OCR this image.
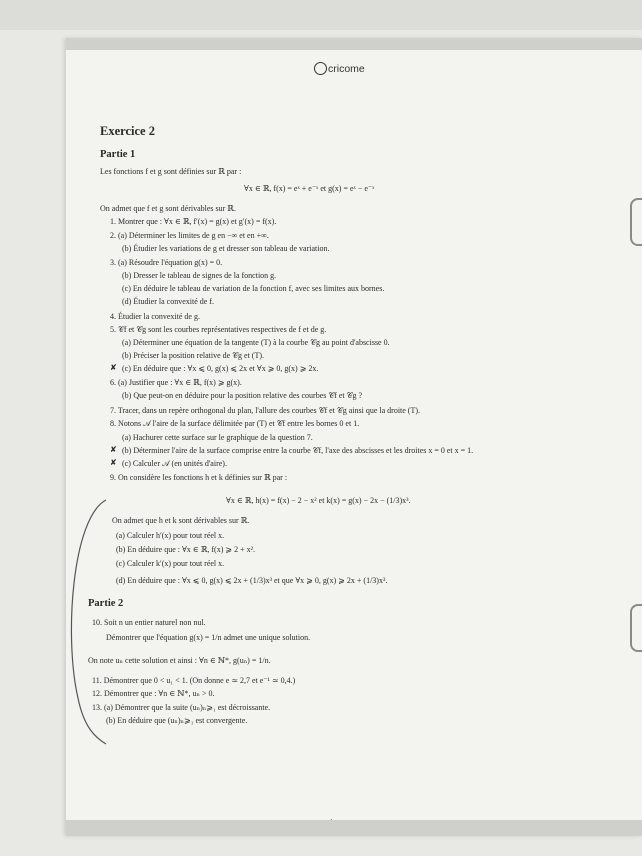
cricome
Exercice 2
Partie 1
Les fonctions f et g sont définies sur ℝ par :
∀x ∈ ℝ, f(x) = eˣ + e⁻ˣ et g(x) = eˣ − e⁻ˣ
On admet que f et g sont dérivables sur ℝ.
1. Montrer que : ∀x ∈ ℝ, f′(x) = g(x) et g′(x) = f(x).
2. (a) Déterminer les limites de g en −∞ et en +∞.
(b) Étudier les variations de g et dresser son tableau de variation.
3. (a) Résoudre l'équation g(x) = 0.
(b) Dresser le tableau de signes de la fonction g.
(c) En déduire le tableau de variation de la fonction f, avec ses limites aux bornes.
(d) Étudier la convexité de f.
4. Étudier la convexité de g.
5. 𝒞f et 𝒞g sont les courbes représentatives respectives de f et de g.
(a) Déterminer une équation de la tangente (T) à la courbe 𝒞g au point d'abscisse 0.
(b) Préciser la position relative de 𝒞g et (T).
✘ (c) En déduire que : ∀x ⩽ 0, g(x) ⩽ 2x et ∀x ⩾ 0, g(x) ⩾ 2x.
6. (a) Justifier que : ∀x ∈ ℝ, f(x) ⩾ g(x).
(b) Que peut-on en déduire pour la position relative des courbes 𝒞f et 𝒞g ?
7. Tracer, dans un repère orthogonal du plan, l'allure des courbes 𝒞f et 𝒞g ainsi que la droite (T).
8. Notons 𝒜 l'aire de la surface délimitée par (T) et 𝒞f entre les bornes 0 et 1.
(a) Hachurer cette surface sur le graphique de la question 7.
✘ (b) Déterminer l'aire de la surface comprise entre la courbe 𝒞f, l'axe des abscisses et les droites x = 0 et x = 1.
✘ (c) Calculer 𝒜 (en unités d'aire).
9. On considère les fonctions h et k définies sur ℝ par :
∀x ∈ ℝ, h(x) = f(x) − 2 − x² et k(x) = g(x) − 2x − (1/3)x³.
On admet que h et k sont dérivables sur ℝ.
(a) Calculer h′(x) pour tout réel x.
(b) En déduire que : ∀x ∈ ℝ, f(x) ⩾ 2 + x².
(c) Calculer k′(x) pour tout réel x.
(d) En déduire que : ∀x ⩽ 0, g(x) ⩽ 2x + (1/3)x³ et que ∀x ⩾ 0, g(x) ⩾ 2x + (1/3)x³.
Partie 2
10. Soit n un entier naturel non nul.
Démontrer que l'équation g(x) = 1/n admet une unique solution.
On note uₙ cette solution et ainsi : ∀n ∈ ℕ*, g(uₙ) = 1/n.
11. Démontrer que 0 < u₁ < 1. (On donne e ≃ 2,7 et e⁻¹ ≃ 0,4.)
12. Démontrer que : ∀n ∈ ℕ*, uₙ > 0.
13. (a) Démontrer que la suite (uₙ)ₙ⩾₁ est décroissante.
(b) En déduire que (uₙ)ₙ⩾₁ est convergente.
